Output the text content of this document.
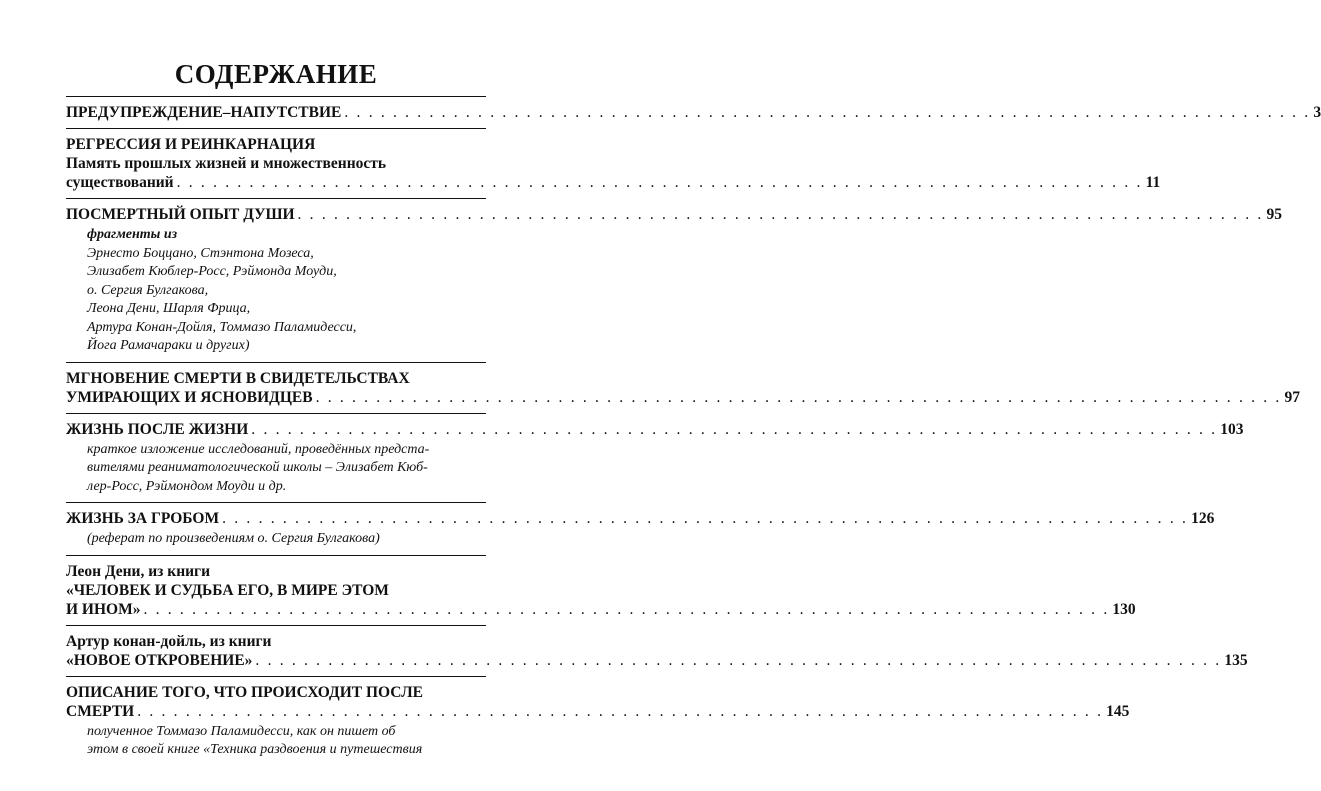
СОДЕРЖАНИЕ
ПРЕДУПРЕЖДЕНИЕ–НАПУТСТВИЕ . . . . . . . . . . . . . . . . . . . . . . . . . . . . . . . . . . . . . . . . . . . . . . . . . . . . . . . . . . . . . . . . . . . . . . . . . . . . . . . . 3
РЕГРЕССИЯ И РЕИНКАРНАЦИЯ
Память прошлых жизней и множественность
существований . . . . . . . . . . . . . . . . . . . . . . . . . . . . . . . . . . . . . . . . . . . . . . . . . . . . . . . . . . . . . . . . . . . . . . . . . . . . . . . . 11
ПОСМЕРТНЫЙ ОПЫТ ДУШИ . . . . . . . . . . . . . . . . . . . . . . . . . . . . . . . . . . . . . . . . . . . . . . . . . . . . . . . . . . . . . . . . . . . . . . . . . . . . . . . . 95
фрагменты из
Эрнесто Боццано, Стэнтона Мозеса,
Элизабет Кюблер-Росс, Рэймонда Моуди,
о. Сергия Булгакова,
Леона Дени, Шарля Фрица,
Артура Конан-Дойля, Томмазо Паламидесси,
Йога Рамачараки и других)
МГНОВЕНИЕ СМЕРТИ В СВИДЕТЕЛЬСТВАХ
УМИРАЮЩИХ И ЯСНОВИДЦЕВ . . . . . . . . . . . . . . . . . . . . . . . . . . . . . . . . . . . . . . . . . . . . . . . . . . . . . . . . . . . . . . . . . . . . . . . . . . . . . . . . 97
ЖИЗНЬ ПОСЛЕ ЖИЗНИ . . . . . . . . . . . . . . . . . . . . . . . . . . . . . . . . . . . . . . . . . . . . . . . . . . . . . . . . . . . . . . . . . . . . . . . . . . . . . . . . 103
краткое изложение исследований, проведённых предста-
вителями реаниматологической школы – Элизабет Кюб-
лер-Росс, Рэймондом Моуди и др.
ЖИЗНЬ ЗА ГРОБОМ . . . . . . . . . . . . . . . . . . . . . . . . . . . . . . . . . . . . . . . . . . . . . . . . . . . . . . . . . . . . . . . . . . . . . . . . . . . . . . . . 126
(реферат по произведениям о. Сергия Булгакова)
Леон Дени, из книги
«ЧЕЛОВЕК И СУДЬБА ЕГО, В МИРЕ ЭТОМ
И ИНОМ» . . . . . . . . . . . . . . . . . . . . . . . . . . . . . . . . . . . . . . . . . . . . . . . . . . . . . . . . . . . . . . . . . . . . . . . . . . . . . . . . 130
Артур конан-дойль, из книги
«НОВОЕ ОТКРОВЕНИЕ» . . . . . . . . . . . . . . . . . . . . . . . . . . . . . . . . . . . . . . . . . . . . . . . . . . . . . . . . . . . . . . . . . . . . . . . . . . . . . . . . 135
ОПИСАНИЕ ТОГО, ЧТО ПРОИСХОДИТ ПОСЛЕ
СМЕРТИ . . . . . . . . . . . . . . . . . . . . . . . . . . . . . . . . . . . . . . . . . . . . . . . . . . . . . . . . . . . . . . . . . . . . . . . . . . . . . . . . 145
полученное Томмазо Паламидесси, как он пишет об
этом в своей книге «Техника раздвоения и путешествия
